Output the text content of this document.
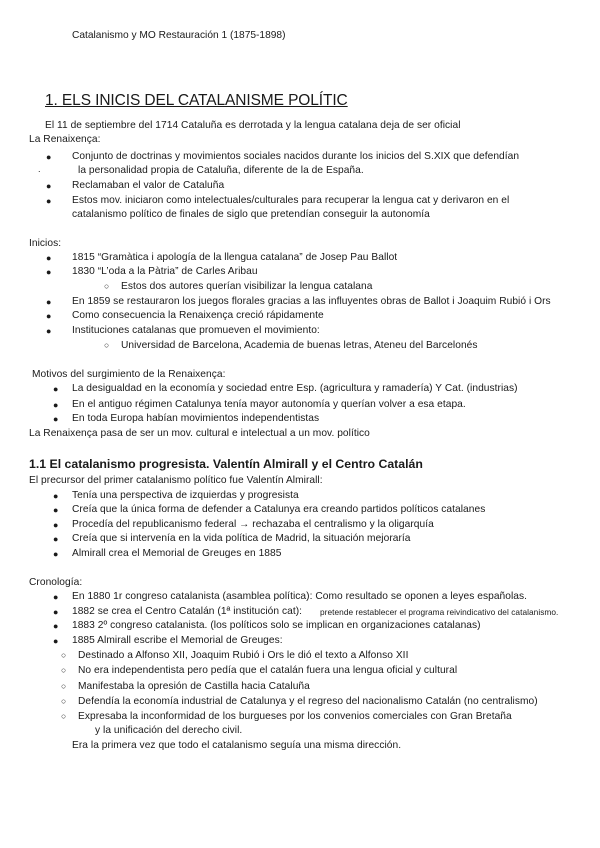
Catalanismo y MO Restauración 1 (1875-1898)
1. ELS INICIS DEL CATALANISME POLÍTIC
El 11 de septiembre del 1714 Cataluña es derrotada y la lengua catalana deja de ser oficial
La Renaixença:
● Conjunto de doctrinas y movimientos sociales nacidos durante los inicios del S.XIX que defendían
.	la personalidad propia de Cataluña, diferente de la de España.
● Reclamaban el valor de Cataluña
● Estos mov. iniciaron como intelectuales/culturales para recuperar la lengua cat y derivaron en el
catalanismo político de finales de siglo que pretendían conseguir la autonomía
Inicios:
● 1815 “Gramàtica i apología de la llengua catalana” de Josep Pau Ballot
● 1830 “L’oda a la Pàtria” de Carles Aribau
○ Estos dos autores querían visibilizar la lengua catalana
● En 1859 se restauraron los juegos florales gracias a las influyentes obras de Ballot i Joaquim Rubió i Ors
● Como consecuencia la Renaixença creció rápidamente
● Instituciones catalanas que promueven el movimiento:
○ Universidad de Barcelona, Academia de buenas letras, Ateneu del Barcelonés
Motivos del surgimiento de la Renaixença:
● La desigualdad en la economía y sociedad entre Esp. (agricultura y ramadería) Y Cat. (industrias)
● En el antiguo régimen Catalunya tenía mayor autonomía y querían volver a esa etapa.
● En toda Europa habían movimientos independentistas
La Renaixença pasa de ser un mov. cultural e intelectual a un mov. político
1.1 El catalanismo progresista. Valentín Almirall y el Centro Catalán
El precursor del primer catalanismo político fue Valentín Almirall:
● Tenía una perspectiva de izquierdas y progresista
● Creía que la única forma de defender a Catalunya era creando partidos políticos catalanes
● Procedía del republicanismo federal → rechazaba el centralismo y la oligarquía
● Creía que si intervenía en la vida política de Madrid, la situación mejoraría
● Almirall crea el Memorial de Greuges en 1885
Cronología:
● En 1880 1r congreso catalanista (asamblea política): Como resultado se oponen a leyes españolas.
● 1882 se crea el Centro Catalán (1ª institución cat): pretende restablecer el programa reivindicativo del catalanismo.
● 1883 2º congreso catalanista. (los políticos solo se implican en organizaciones catalanas)
● 1885 Almirall escribe el Memorial de Greuges:
○ Destinado a Alfonso XII, Joaquim Rubió i Ors le dió el texto a Alfonso XII
○ No era independentista pero pedía que el catalán fuera una lengua oficial y cultural
○ Manifestaba la opresión de Castilla hacia Cataluña
○ Defendía la economía industrial de Catalunya y el regreso del nacionalismo Catalán (no centralismo)
○ Expresaba la inconformidad de los burgueses por los convenios comerciales con Gran Bretaña
y la unificación del derecho civil.
Era la primera vez que todo el catalanismo seguía una misma dirección.
